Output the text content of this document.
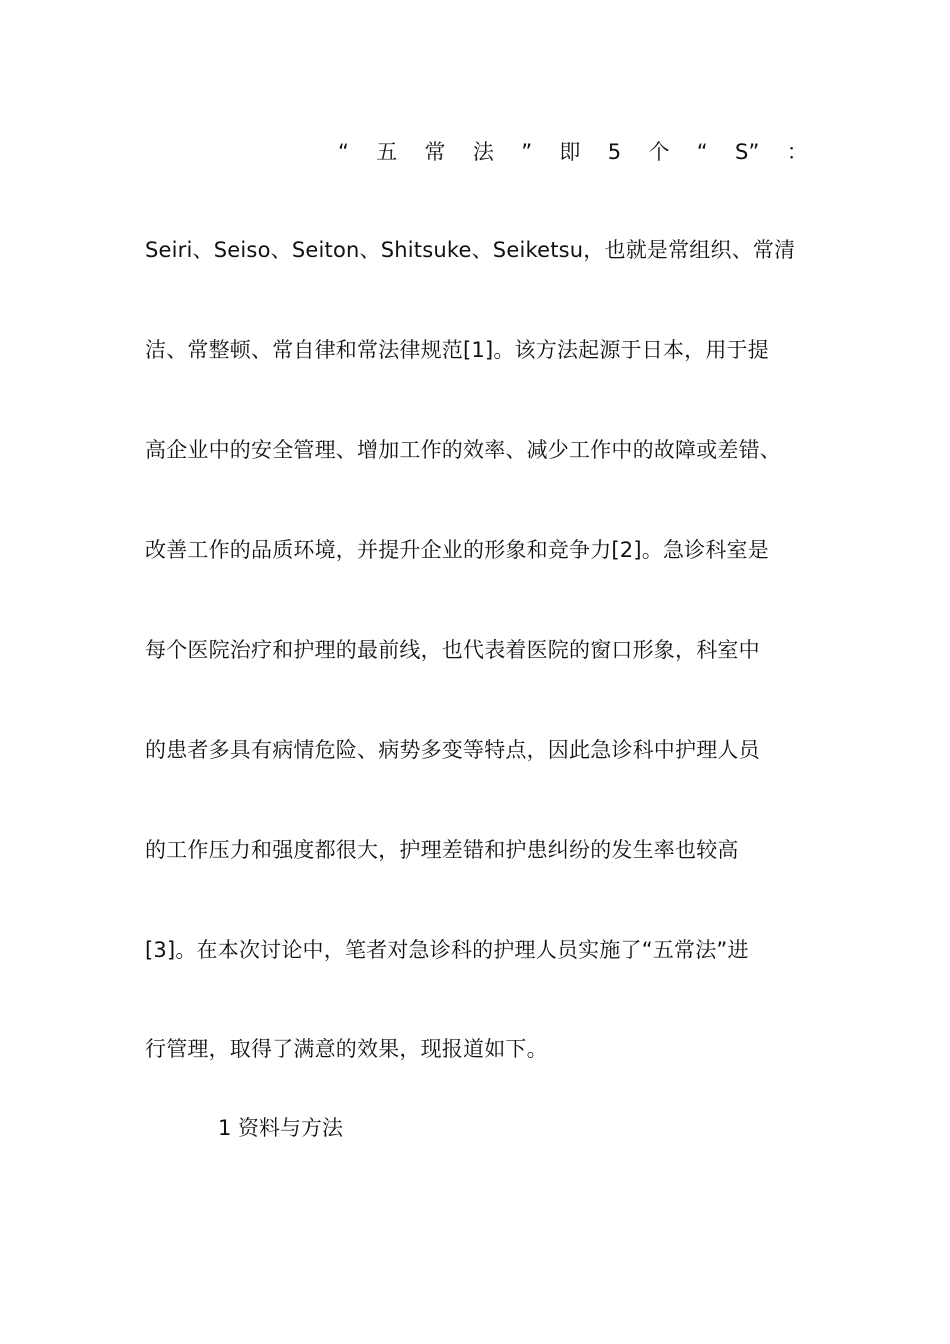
“ 五 常 法 ” 即 5 个 “ S” ：
Seiri、Seiso、Seiton、Shitsuke、Seiketsu，也就是常组织、常清
洁、常整顿、常自律和常法律规范[1]。该方法起源于日本，用于提
高企业中的安全管理、增加工作的效率、减少工作中的故障或差错、
改善工作的品质环境，并提升企业的形象和竞争力[2]。急诊科室是
每个医院治疗和护理的最前线，也代表着医院的窗口形象，科室中
的患者多具有病情危险、病势多变等特点，因此急诊科中护理人员
的工作压力和强度都很大，护理差错和护患纠纷的发生率也较高
[3]。在本次讨论中，笔者对急诊科的护理人员实施了“五常法”进
行管理，取得了满意的效果，现报道如下。
1 资料与方法
